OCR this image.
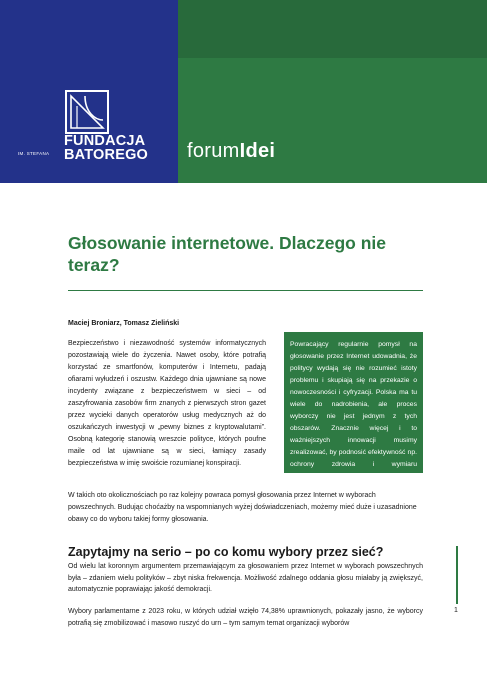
FUNDACJA
BATOREGO
IM. STEFANA	forumIdei
Głosowanie internetowe. Dlaczego nie teraz?
Maciej Broniarz, Tomasz Zieliński

Bezpieczeństwo i niezawodność systemów informatycznych pozostawiają wiele do życzenia. Nawet osoby, które potrafią korzystać ze smartfonów, komputerów i Internetu, padają ofiarami wyłudzeń i oszustw. Każdego dnia ujawniane są nowe incydenty związane z bezpieczeństwem w sieci – od zaszyfrowania zasobów firm znanych z pierwszych stron gazet przez wycieki danych operatorów usług medycznych aż do oszukańczych inwestycji w „pewny biznes z kryptowalutami”. Osobną kategorię stanowią wreszcie polityce, których poufne maile od lat ujawniane są w sieci, łamiący zasady bezpieczeństwa w imię swoiście rozumianej konspiracji.

Powracający regularnie pomysł na głosowanie przez Internet udowadnia, że politycy wydają się nie rozumieć istoty problemu i skupiają się na przekazie o nowoczesności i cyfryzacji. Polska ma tu wiele do nadrobienia, ale proces wyborczy nie jest jednym z tych obszarów. Znacznie więcej i to ważniejszych innowacji musimy zrealizować, by podnosić efektywność np. ochrony zdrowia i wymiaru sprawiedliwości.

W takich oto okolicznościach po raz kolejny powraca pomysł głosowania przez Internet w wyborach powszechnych. Budując choćażby na wspomnianych wyżej doświadczeniach, możemy mieć duże i uzasadnione obawy co do wyboru takiej formy głosowania.

Zapytajmy na serio – po co komu wybory przez sieć?

Od wielu lat koronnym argumentem przemawiającym za głosowaniem przez Internet w wyborach powszechnych była – zdaniem wielu polityków – zbyt niska frekwencja. Możliwość zdalnego oddania głosu miałaby ją zwiększyć, automatycznie poprawiając jakość demokracji.

Wybory parlamentarne z 2023 roku, w których udział wzięło 74,38% uprawnionych, pokazały jasno, że wyborcy potrafią się zmobilizować i masowo ruszyć do urn – tym samym temat organizacji wyborów

1
